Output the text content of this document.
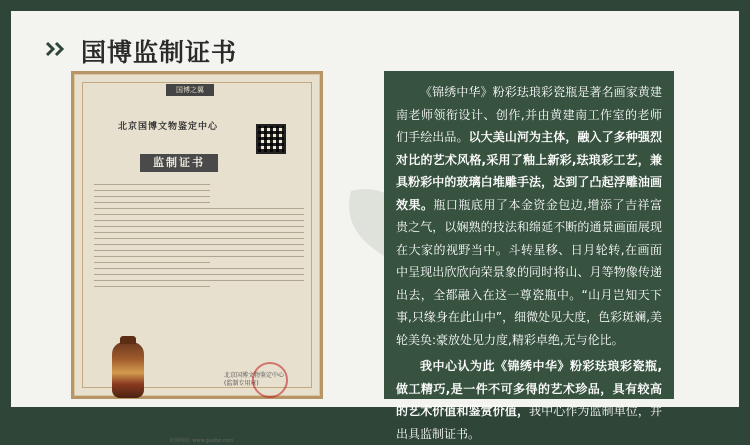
国博监制证书
国博之翼
北京国博文物鉴定中心
监制证书
北京国博文物鉴定中心
(监制专用章)
查询网址: www.guobo.com

《锦绣中华》粉彩珐琅彩瓷瓶是著名画家黄建南老师领衔设计、创作,并由黄建南工作室的老师们手绘出品。以大美山河为主体，融入了多种强烈对比的艺术风格,采用了釉上新彩,珐琅彩工艺，兼具粉彩中的玻璃白堆雕手法，达到了凸起浮雕油画效果。瓶口瓶底用了本金资金包边,增添了吉祥富贵之气，以娴熟的技法和绵延不断的通景画面展现在大家的视野当中。斗转星移、日月轮转,在画面中呈现出欣欣向荣景象的同时将山、月等物像传递出去，全都融入在这一尊瓷瓶中。“山月岂知天下事,只缘身在此山中”，细微处见大度，色彩斑斓,美轮美奂:豪放处见力度,精彩卓绝,无与伦比。

我中心认为此《锦绣中华》粉彩珐琅彩瓷瓶,做工精巧,是一件不可多得的艺术珍品，具有较高的艺术价值和鉴赏价值，我中心作为监制单位，并出具监制证书。
